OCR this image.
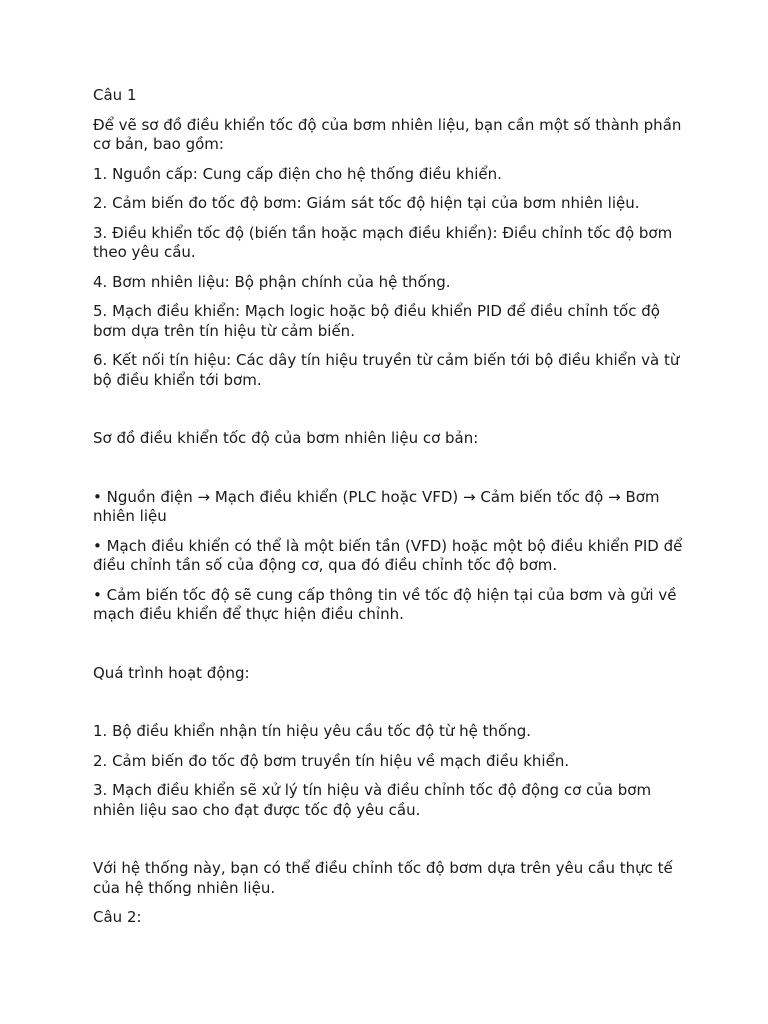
Câu 1

Để vẽ sơ đồ điều khiển tốc độ của bơm nhiên liệu, bạn cần một số thành phần cơ bản, bao gồm:

1. Nguồn cấp: Cung cấp điện cho hệ thống điều khiển.

2. Cảm biến đo tốc độ bơm: Giám sát tốc độ hiện tại của bơm nhiên liệu.

3. Điều khiển tốc độ (biến tần hoặc mạch điều khiển): Điều chỉnh tốc độ bơm theo yêu cầu.

4. Bơm nhiên liệu: Bộ phận chính của hệ thống.

5. Mạch điều khiển: Mạch logic hoặc bộ điều khiển PID để điều chỉnh tốc độ bơm dựa trên tín hiệu từ cảm biến.

6. Kết nối tín hiệu: Các dây tín hiệu truyền từ cảm biến tới bộ điều khiển và từ bộ điều khiển tới bơm.

Sơ đồ điều khiển tốc độ của bơm nhiên liệu cơ bản:

• Nguồn điện → Mạch điều khiển (PLC hoặc VFD) → Cảm biến tốc độ → Bơm nhiên liệu

• Mạch điều khiển có thể là một biến tần (VFD) hoặc một bộ điều khiển PID để điều chỉnh tần số của động cơ, qua đó điều chỉnh tốc độ bơm.

• Cảm biến tốc độ sẽ cung cấp thông tin về tốc độ hiện tại của bơm và gửi về mạch điều khiển để thực hiện điều chỉnh.

Quá trình hoạt động:

1. Bộ điều khiển nhận tín hiệu yêu cầu tốc độ từ hệ thống.

2. Cảm biến đo tốc độ bơm truyền tín hiệu về mạch điều khiển.

3. Mạch điều khiển sẽ xử lý tín hiệu và điều chỉnh tốc độ động cơ của bơm nhiên liệu sao cho đạt được tốc độ yêu cầu.

Với hệ thống này, bạn có thể điều chỉnh tốc độ bơm dựa trên yêu cầu thực tế của hệ thống nhiên liệu.

Câu 2:
